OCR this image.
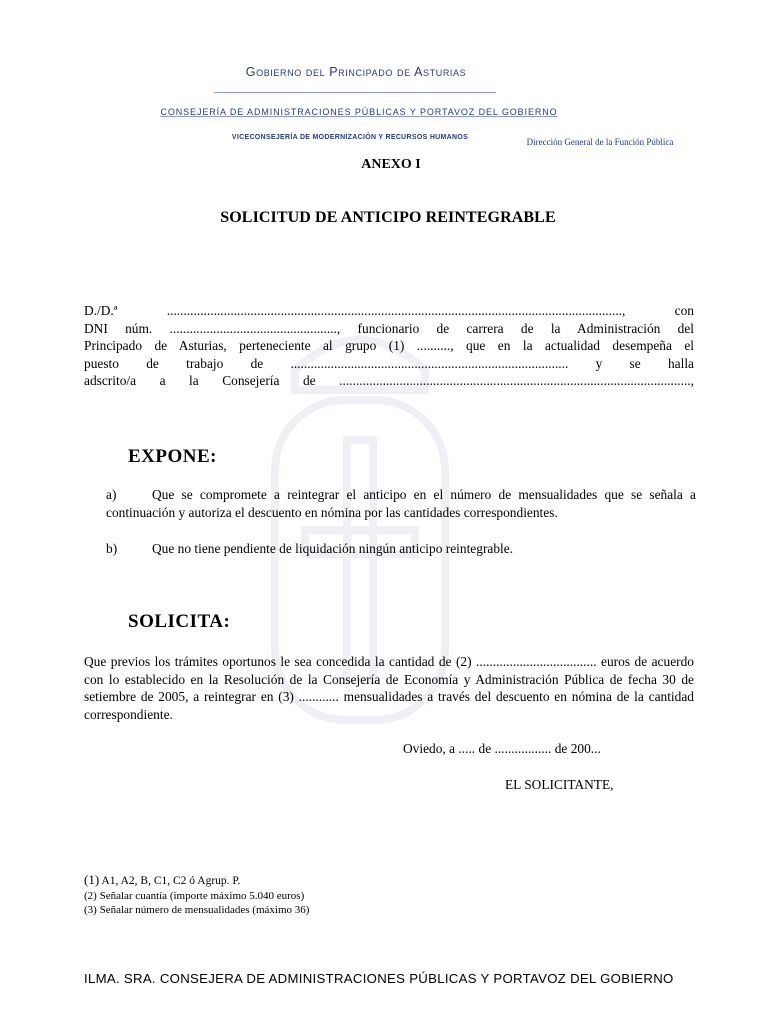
Gobierno del Principado de Asturias
CONSEJERÍA DE ADMINISTRACIONES PÚBLICAS Y PORTAVOZ DEL GOBIERNO
VICECONSEJERÍA DE MODERNIZACIÓN Y RECURSOS HUMANOS	Dirección General de la Función Pública
ANEXO I
SOLICITUD DE ANTICIPO REINTEGRABLE
D./D.ª ........................................................................................................................................, con
DNI núm. .................................................., funcionario de carrera de la Administración del
Principado de Asturias, perteneciente al grupo (1) .........., que en la actualidad desempeña el
puesto de trabajo de ................................................................................... y se halla
adscrito/a a la Consejería de .........................................................................................................,
EXPONE:
a)	Que se compromete a reintegrar el anticipo en el número de mensualidades que se señala a continuación y autoriza el descuento en nómina por las cantidades correspondientes.
b)	Que no tiene pendiente de liquidación ningún anticipo reintegrable.
SOLICITA:
Que previos los trámites oportunos le sea concedida la cantidad de (2) .................................... euros de acuerdo con lo establecido en la Resolución de la Consejería de Economía y Administración Pública de fecha 30 de setiembre de 2005, a reintegrar en (3) ............ mensualidades a través del descuento en nómina de la cantidad correspondiente.
Oviedo, a ..... de ................. de 200...
EL SOLICITANTE,
(1) A1, A2, B, C1, C2 ó Agrup. P.
(2) Señalar cuantía (importe máximo 5.040 euros)
(3) Señalar número de mensualidades (máximo 36)
ILMA. SRA. CONSEJERA DE ADMINISTRACIONES PÚBLICAS Y PORTAVOZ DEL GOBIERNO
